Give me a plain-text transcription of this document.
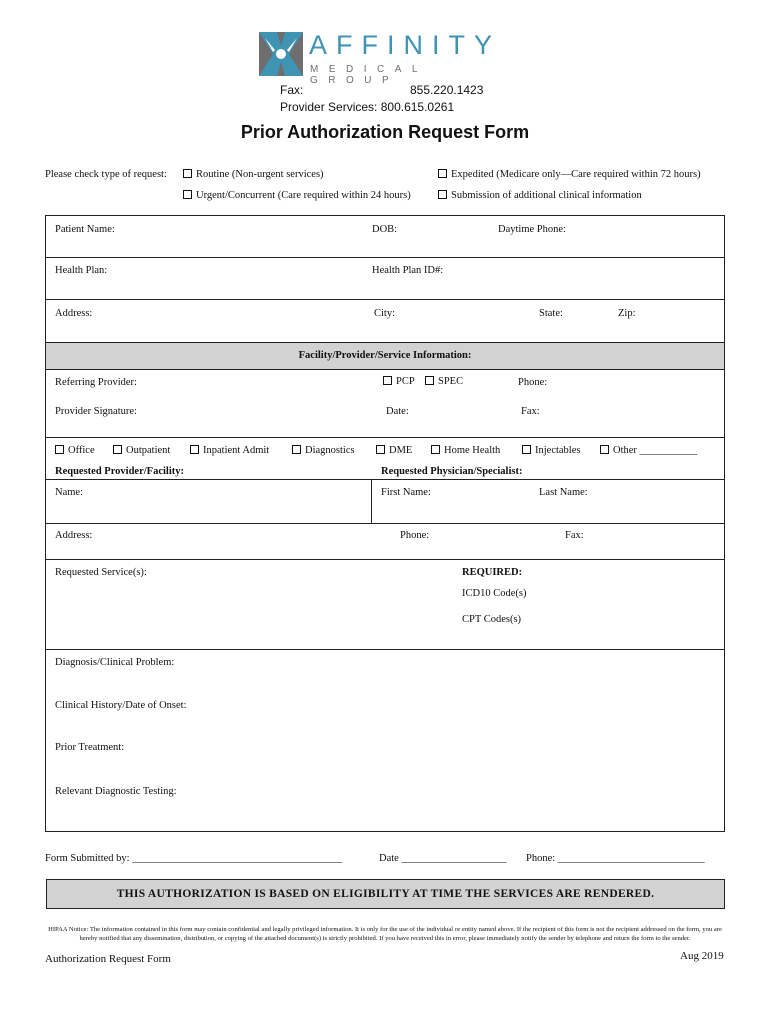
AFFINITY
MEDICAL GROUP
Fax:	855.220.1423
Provider Services: 800.615.0261
Prior Authorization Request Form
Please check type of request:	Routine (Non-urgent services)	Expedited (Medicare only—Care required within 72 hours)
Urgent/Concurrent (Care required within 24 hours)	Submission of additional clinical information
Patient Name:	DOB:	Daytime Phone:
Health Plan:	Health Plan ID#:
Address:	City:	State:	Zip:
Facility/Provider/Service Information:
Referring Provider:	PCP	SPEC	Phone:
Provider Signature:	Date:	Fax:
Office	Outpatient	Inpatient Admit	Diagnostics	DME	Home Health	Injectables	Other ___________
Requested Provider/Facility:	Requested Physician/Specialist:
Name:	First Name:	Last Name:
Address:	Phone:	Fax:
Requested Service(s):	REQUIRED:
ICD10 Code(s)
CPT Codes(s)
Diagnosis/Clinical Problem:
Clinical History/Date of Onset:
Prior Treatment:
Relevant Diagnostic Testing:
Form Submitted by: ________________________________________	Date ____________________ Phone: ____________________________
THIS AUTHORIZATION IS BASED ON ELIGIBILITY AT TIME THE SERVICES ARE RENDERED.
HIPAA Notice: The information contained in this form may contain confidential and legally privileged information. It is only for the use of the individual or entity named above. If the recipient of this form is not the recipient addressed on the form, you are hereby notified that any dissemination, distribution, or copying of the attached document(s) is strictly prohibited. If you have received this in error, please immediately notify the sender by telephone and return the form to the sender.
Authorization Request Form	Aug 2019
